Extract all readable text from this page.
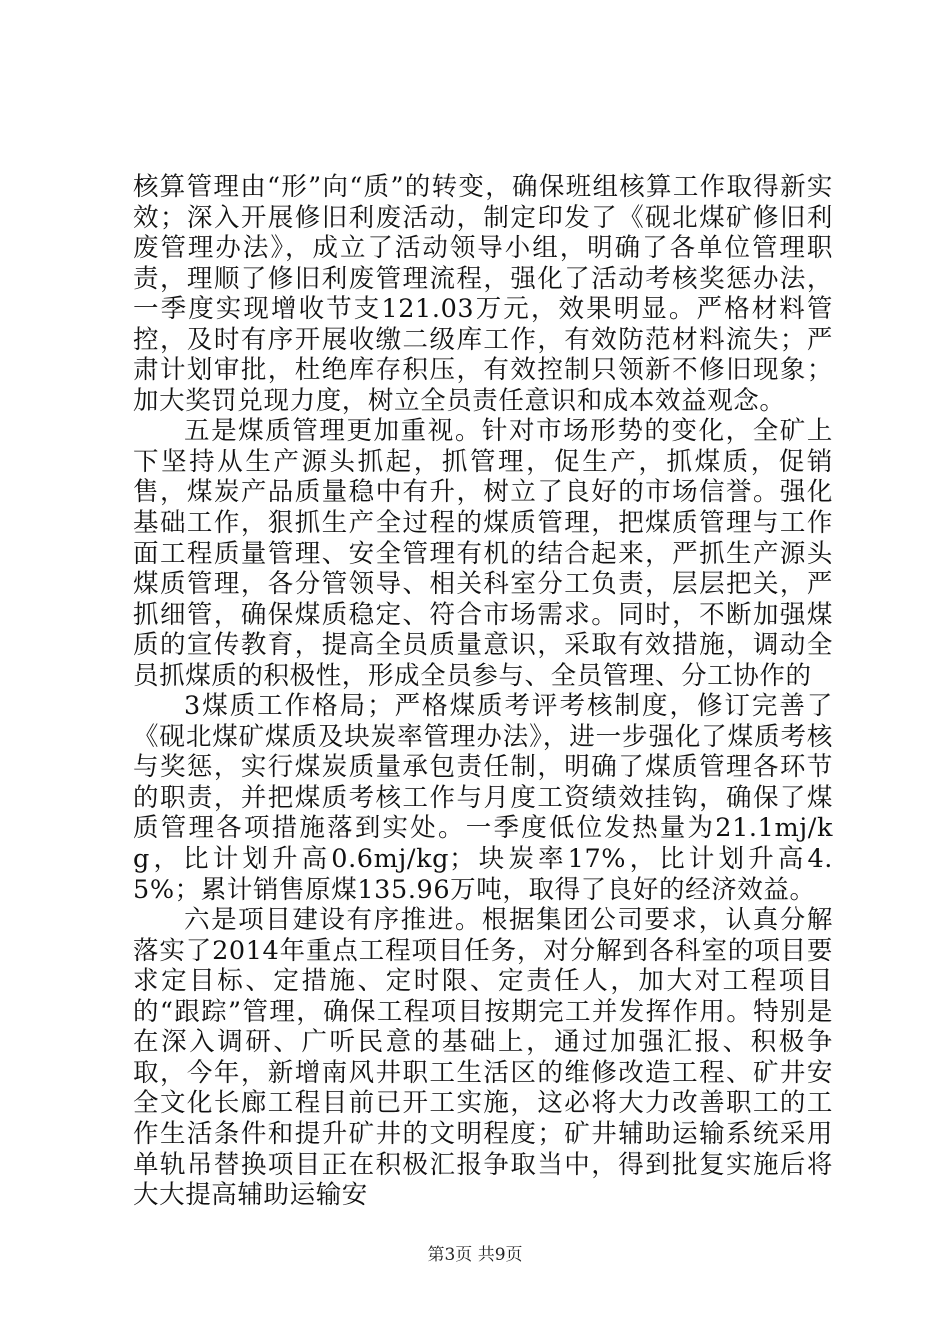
核算管理由“形”向“质”的转变，确保班组核算工作取得新实效；深入开展修旧利废活动，制定印发了《砚北煤矿修旧利废管理办法》，成立了活动领导小组，明确了各单位管理职责，理顺了修旧利废管理流程，强化了活动考核奖惩办法，一季度实现增收节支121.03万元，效果明显。严格材料管控，及时有序开展收缴二级库工作，有效防范材料流失；严肃计划审批，杜绝库存积压，有效控制只领新不修旧现象；加大奖罚兑现力度，树立全员责任意识和成本效益观念。

五是煤质管理更加重视。针对市场形势的变化，全矿上下坚持从生产源头抓起，抓管理，促生产，抓煤质，促销售，煤炭产品质量稳中有升，树立了良好的市场信誉。强化基础工作，狠抓生产全过程的煤质管理，把煤质管理与工作面工程质量管理、安全管理有机的结合起来，严抓生产源头煤质管理，各分管领导、相关科室分工负责，层层把关，严抓细管，确保煤质稳定、符合市场需求。同时，不断加强煤质的宣传教育，提高全员质量意识，采取有效措施，调动全员抓煤质的积极性，形成全员参与、全员管理、分工协作的

3煤质工作格局；严格煤质考评考核制度，修订完善了《砚北煤矿煤质及块炭率管理办法》，进一步强化了煤质考核与奖惩，实行煤炭质量承包责任制，明确了煤质管理各环节的职责，并把煤质考核工作与月度工资绩效挂钩，确保了煤质管理各项措施落到实处。一季度低位发热量为21.1mj/kg，比计划升高0.6mj/kg；块炭率17%，比计划升高4.5%；累计销售原煤135.96万吨，取得了良好的经济效益。

六是项目建设有序推进。根据集团公司要求，认真分解落实了2014年重点工程项目任务，对分解到各科室的项目要求定目标、定措施、定时限、定责任人，加大对工程项目的“跟踪”管理，确保工程项目按期完工并发挥作用。特别是在深入调研、广听民意的基础上，通过加强汇报、积极争取，今年，新增南风井职工生活区的维修改造工程、矿井安全文化长廊工程目前已开工实施，这必将大力改善职工的工作生活条件和提升矿井的文明程度；矿井辅助运输系统采用单轨吊替换项目正在积极汇报争取当中，得到批复实施后将大大提高辅助运输安

第3页 共9页
